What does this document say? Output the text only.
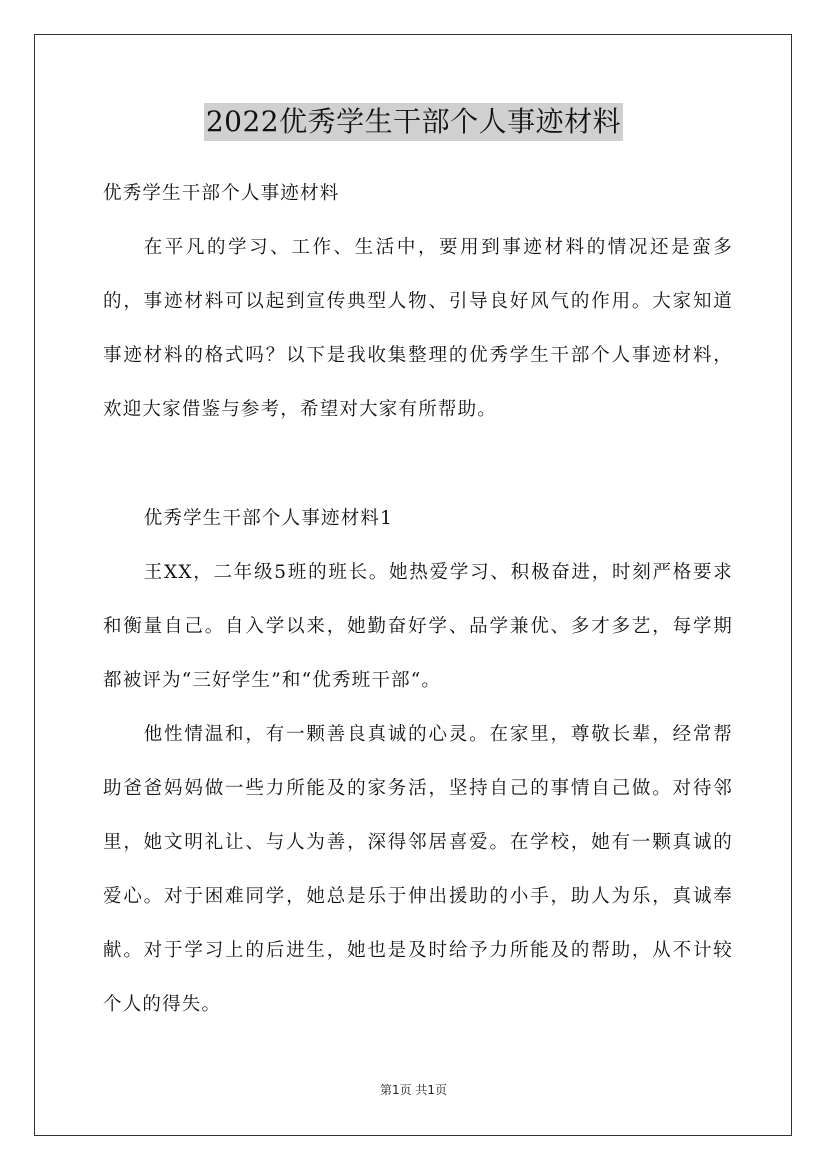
2022优秀学生干部个人事迹材料

优秀学生干部个人事迹材料

在平凡的学习、工作、生活中，要用到事迹材料的情况还是蛮多的，事迹材料可以起到宣传典型人物、引导良好风气的作用。大家知道事迹材料的格式吗？以下是我收集整理的优秀学生干部个人事迹材料，欢迎大家借鉴与参考，希望对大家有所帮助。

优秀学生干部个人事迹材料1

王XX，二年级5班的班长。她热爱学习、积极奋进，时刻严格要求和衡量自己。自入学以来，她勤奋好学、品学兼优、多才多艺，每学期都被评为“三好学生”和“优秀班干部“。

他性情温和，有一颗善良真诚的心灵。在家里，尊敬长辈，经常帮助爸爸妈妈做一些力所能及的家务活，坚持自己的事情自己做。对待邻里，她文明礼让、与人为善，深得邻居喜爱。在学校，她有一颗真诚的爱心。对于困难同学，她总是乐于伸出援助的小手，助人为乐，真诚奉献。对于学习上的后进生，她也是及时给予力所能及的帮助，从不计较个人的得失。

第1页 共1页
